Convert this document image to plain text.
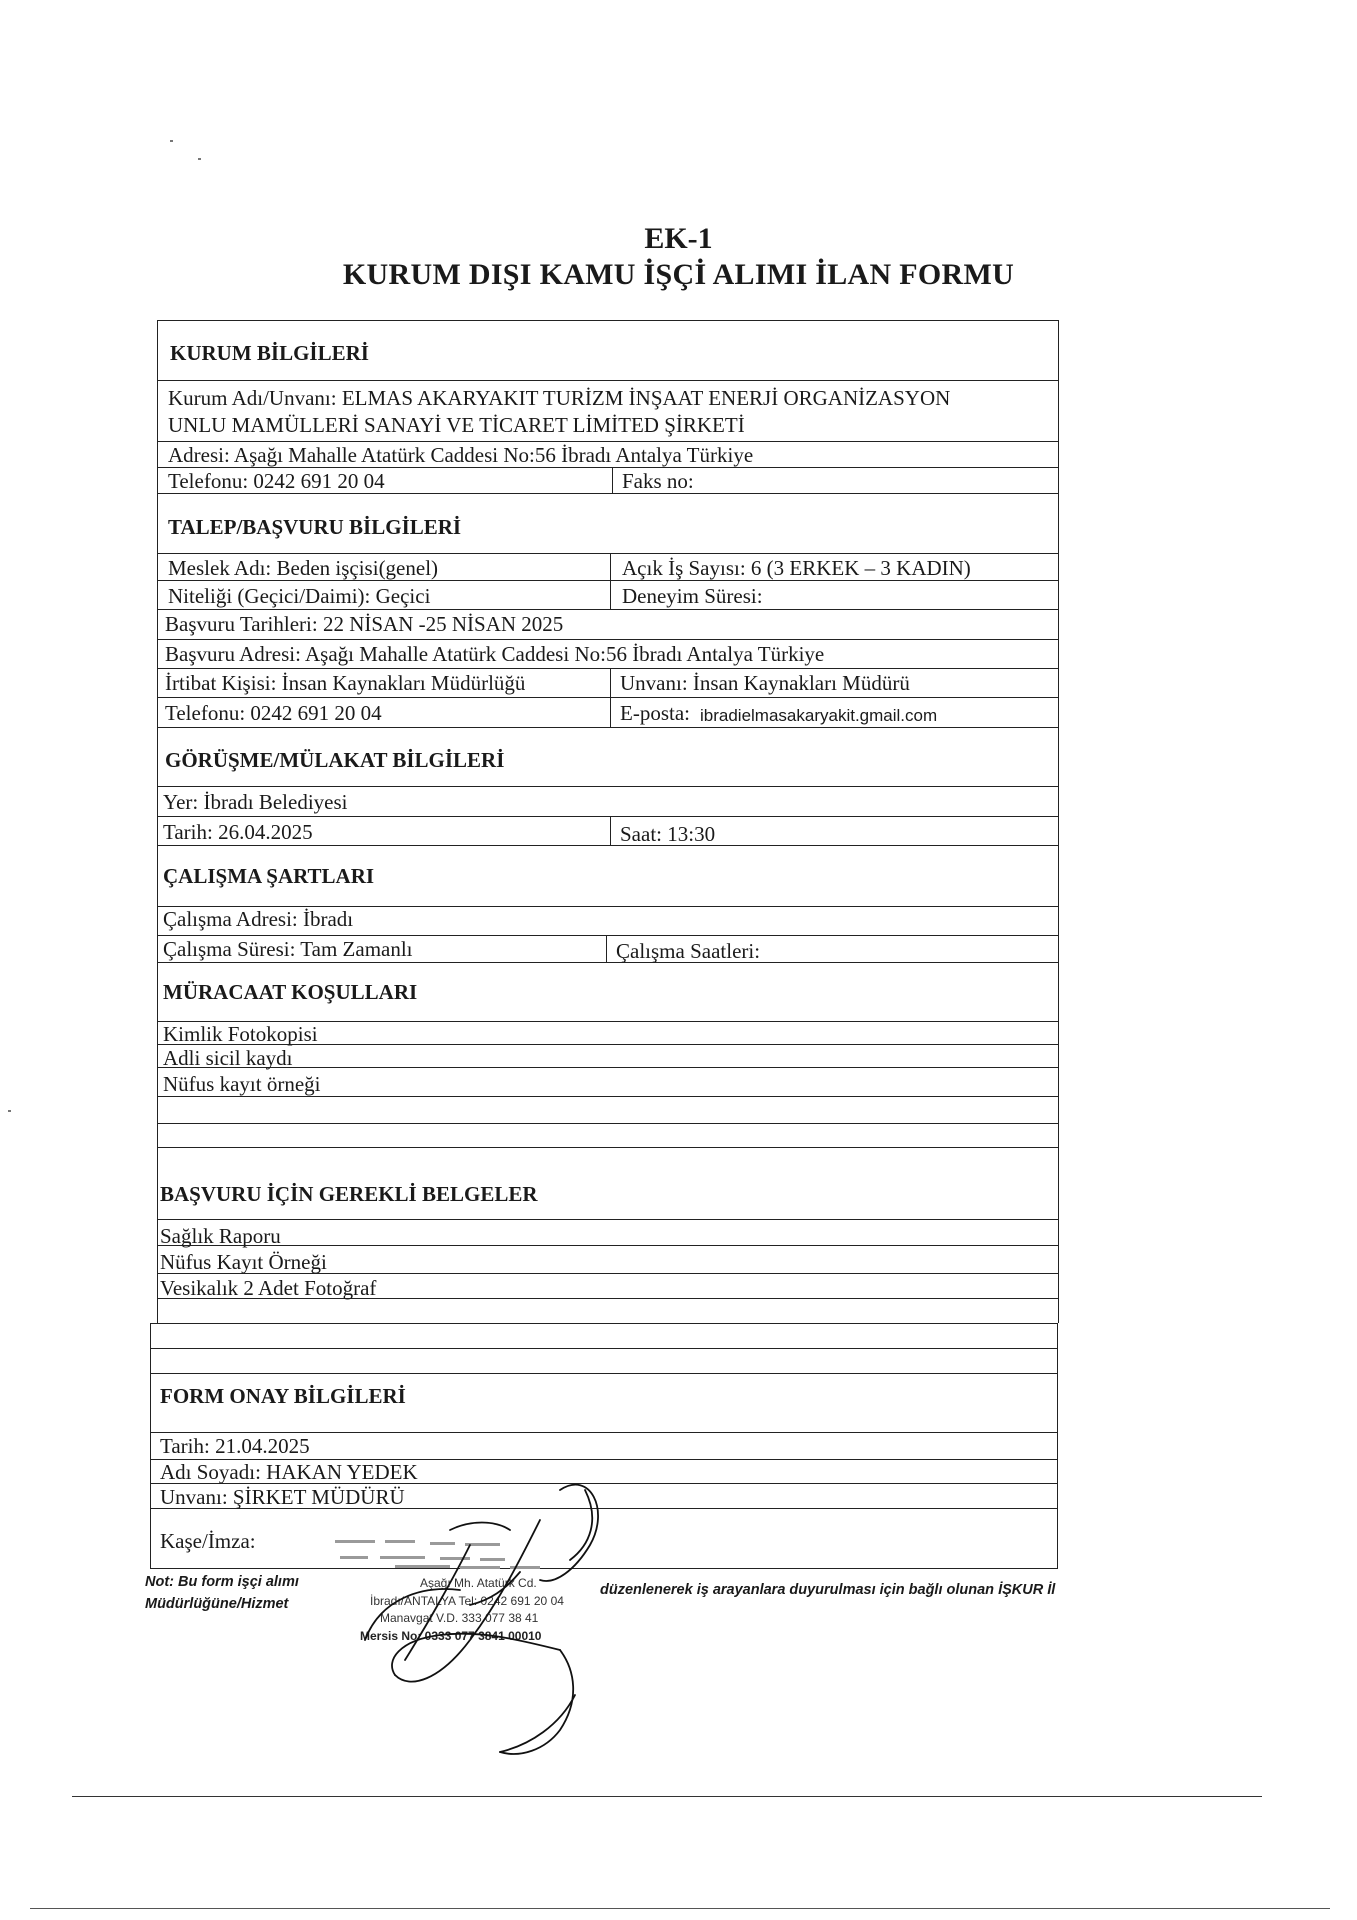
EK-1
KURUM DIŞI KAMU İŞÇİ ALIMI İLAN FORMU
KURUM BİLGİLERİ
Kurum Adı/Unvanı: ELMAS AKARYAKIT TURİZM İNŞAAT ENERJİ ORGANİZASYON
UNLU MAMÜLLERİ SANAYİ VE TİCARET LİMİTED ŞİRKETİ
Adresi: Aşağı Mahalle Atatürk Caddesi No:56 İbradı Antalya Türkiye
Telefonu: 0242 691 20 04	Faks no:
TALEP/BAŞVURU BİLGİLERİ
Meslek Adı: Beden işçisi(genel)	Açık İş Sayısı: 6 (3 ERKEK – 3 KADIN)
Niteliği (Geçici/Daimi): Geçici	Deneyim Süresi:
Başvuru Tarihleri: 22 NİSAN -25 NİSAN 2025
Başvuru Adresi: Aşağı Mahalle Atatürk Caddesi No:56 İbradı Antalya Türkiye
İrtibat Kişisi: İnsan Kaynakları Müdürlüğü	Unvanı: İnsan Kaynakları Müdürü
Telefonu: 0242 691 20 04	E-posta: ibradielmasakaryakit.gmail.com
GÖRÜŞME/MÜLAKAT BİLGİLERİ
Yer: İbradı Belediyesi
Tarih: 26.04.2025	Saat: 13:30
ÇALIŞMA ŞARTLARI
Çalışma Adresi: İbradı
Çalışma Süresi: Tam Zamanlı	Çalışma Saatleri:
MÜRACAAT KOŞULLARI
Kimlik Fotokopisi
Adli sicil kaydı
Nüfus kayıt örneği
BAŞVURU İÇİN GEREKLİ BELGELER
Sağlık Raporu
Nüfus Kayıt Örneği
Vesikalık 2 Adet Fotoğraf
FORM ONAY BİLGİLERİ
Tarih: 21.04.2025
Adı Soyadı: HAKAN YEDEK
Unvanı: ŞİRKET MÜDÜRÜ
Kaşe/İmza:
Not: Bu form işçi alımı	düzenlenerek iş arayanlara duyurulması için bağlı olunan İŞKUR İl
Müdürlüğüne/Hizmet
Aşağı Mh. Atatürk Cd.
İbradı/ANTALYA Tel: 0242 691 20 04
Manavgat V.D. 333 077 38 41
Mersis No: 0333 077 3841 00010
